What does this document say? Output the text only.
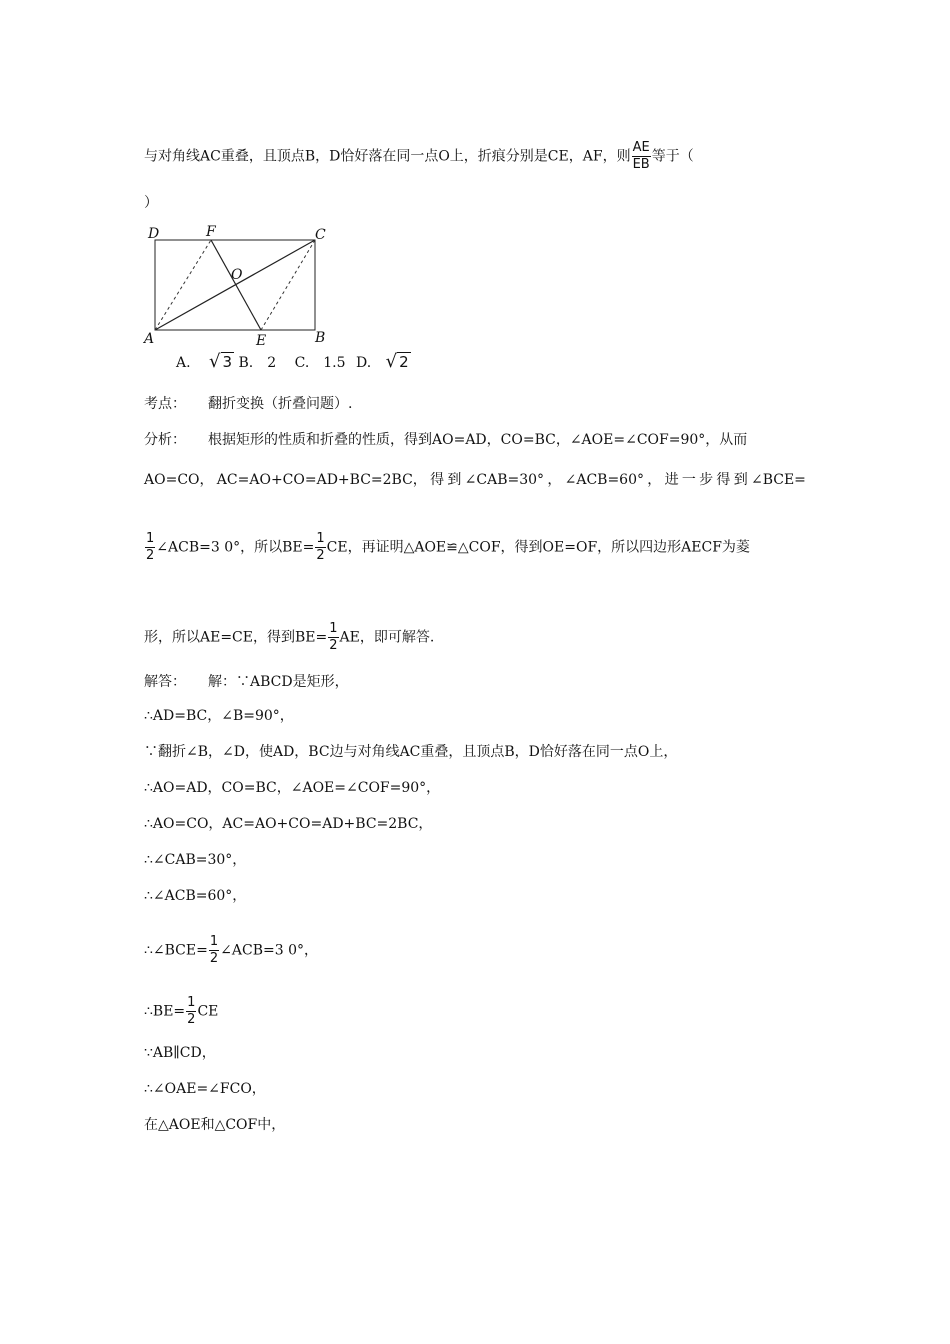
与对角线AC重叠，且顶点B，D恰好落在同一点O上，折痕分别是CE，AF，则 $\frac{AE}{EB}$ 等于（
）
D	F	C
O
A	E	B
A. √ 3 B.　2 C.　1.5 D. √ 2
考点： 翻折变换（折叠问题）.
分析： 根据矩形的性质和折叠的性质，得到AO=AD，CO=BC，∠AOE=∠COF=90°，从而
AO=CO， AC=AO+CO=AD+BC=2BC， 得 到 ∠CAB=30° ， ∠ACB=60° ， 进 一 步 得 到 ∠BCE=
$\frac{1}{2}$ ∠ACB=3 0°，所以$BE= \frac{1}{2}$ CE，再证明△AOE≌△COF，得到OE=OF，所以四边形AECF为菱
形，所以AE=CE，得到$BE= \frac{1}{2}$ AE，即可解答.
解答： 解：∵ABCD是矩形，
∴AD=BC，∠B=90°，
∵翻折∠B，∠D，使AD，BC边与对角线AC重叠，且顶点B，D恰好落在同一点O上，
∴AO=AD，CO=BC，∠AOE=∠COF=90°，
∴AO=CO，AC=AO+CO=AD+BC=2BC，
∴∠CAB=30°，
∴∠ACB=60°，
∴∠BCE= $\frac{1}{2}$ ∠ACB=3 0°，
∴BE= $\frac{1}{2}$ CE
∵AB∥CD，
∴∠OAE=∠FCO，
在△AOE和△COF中，
